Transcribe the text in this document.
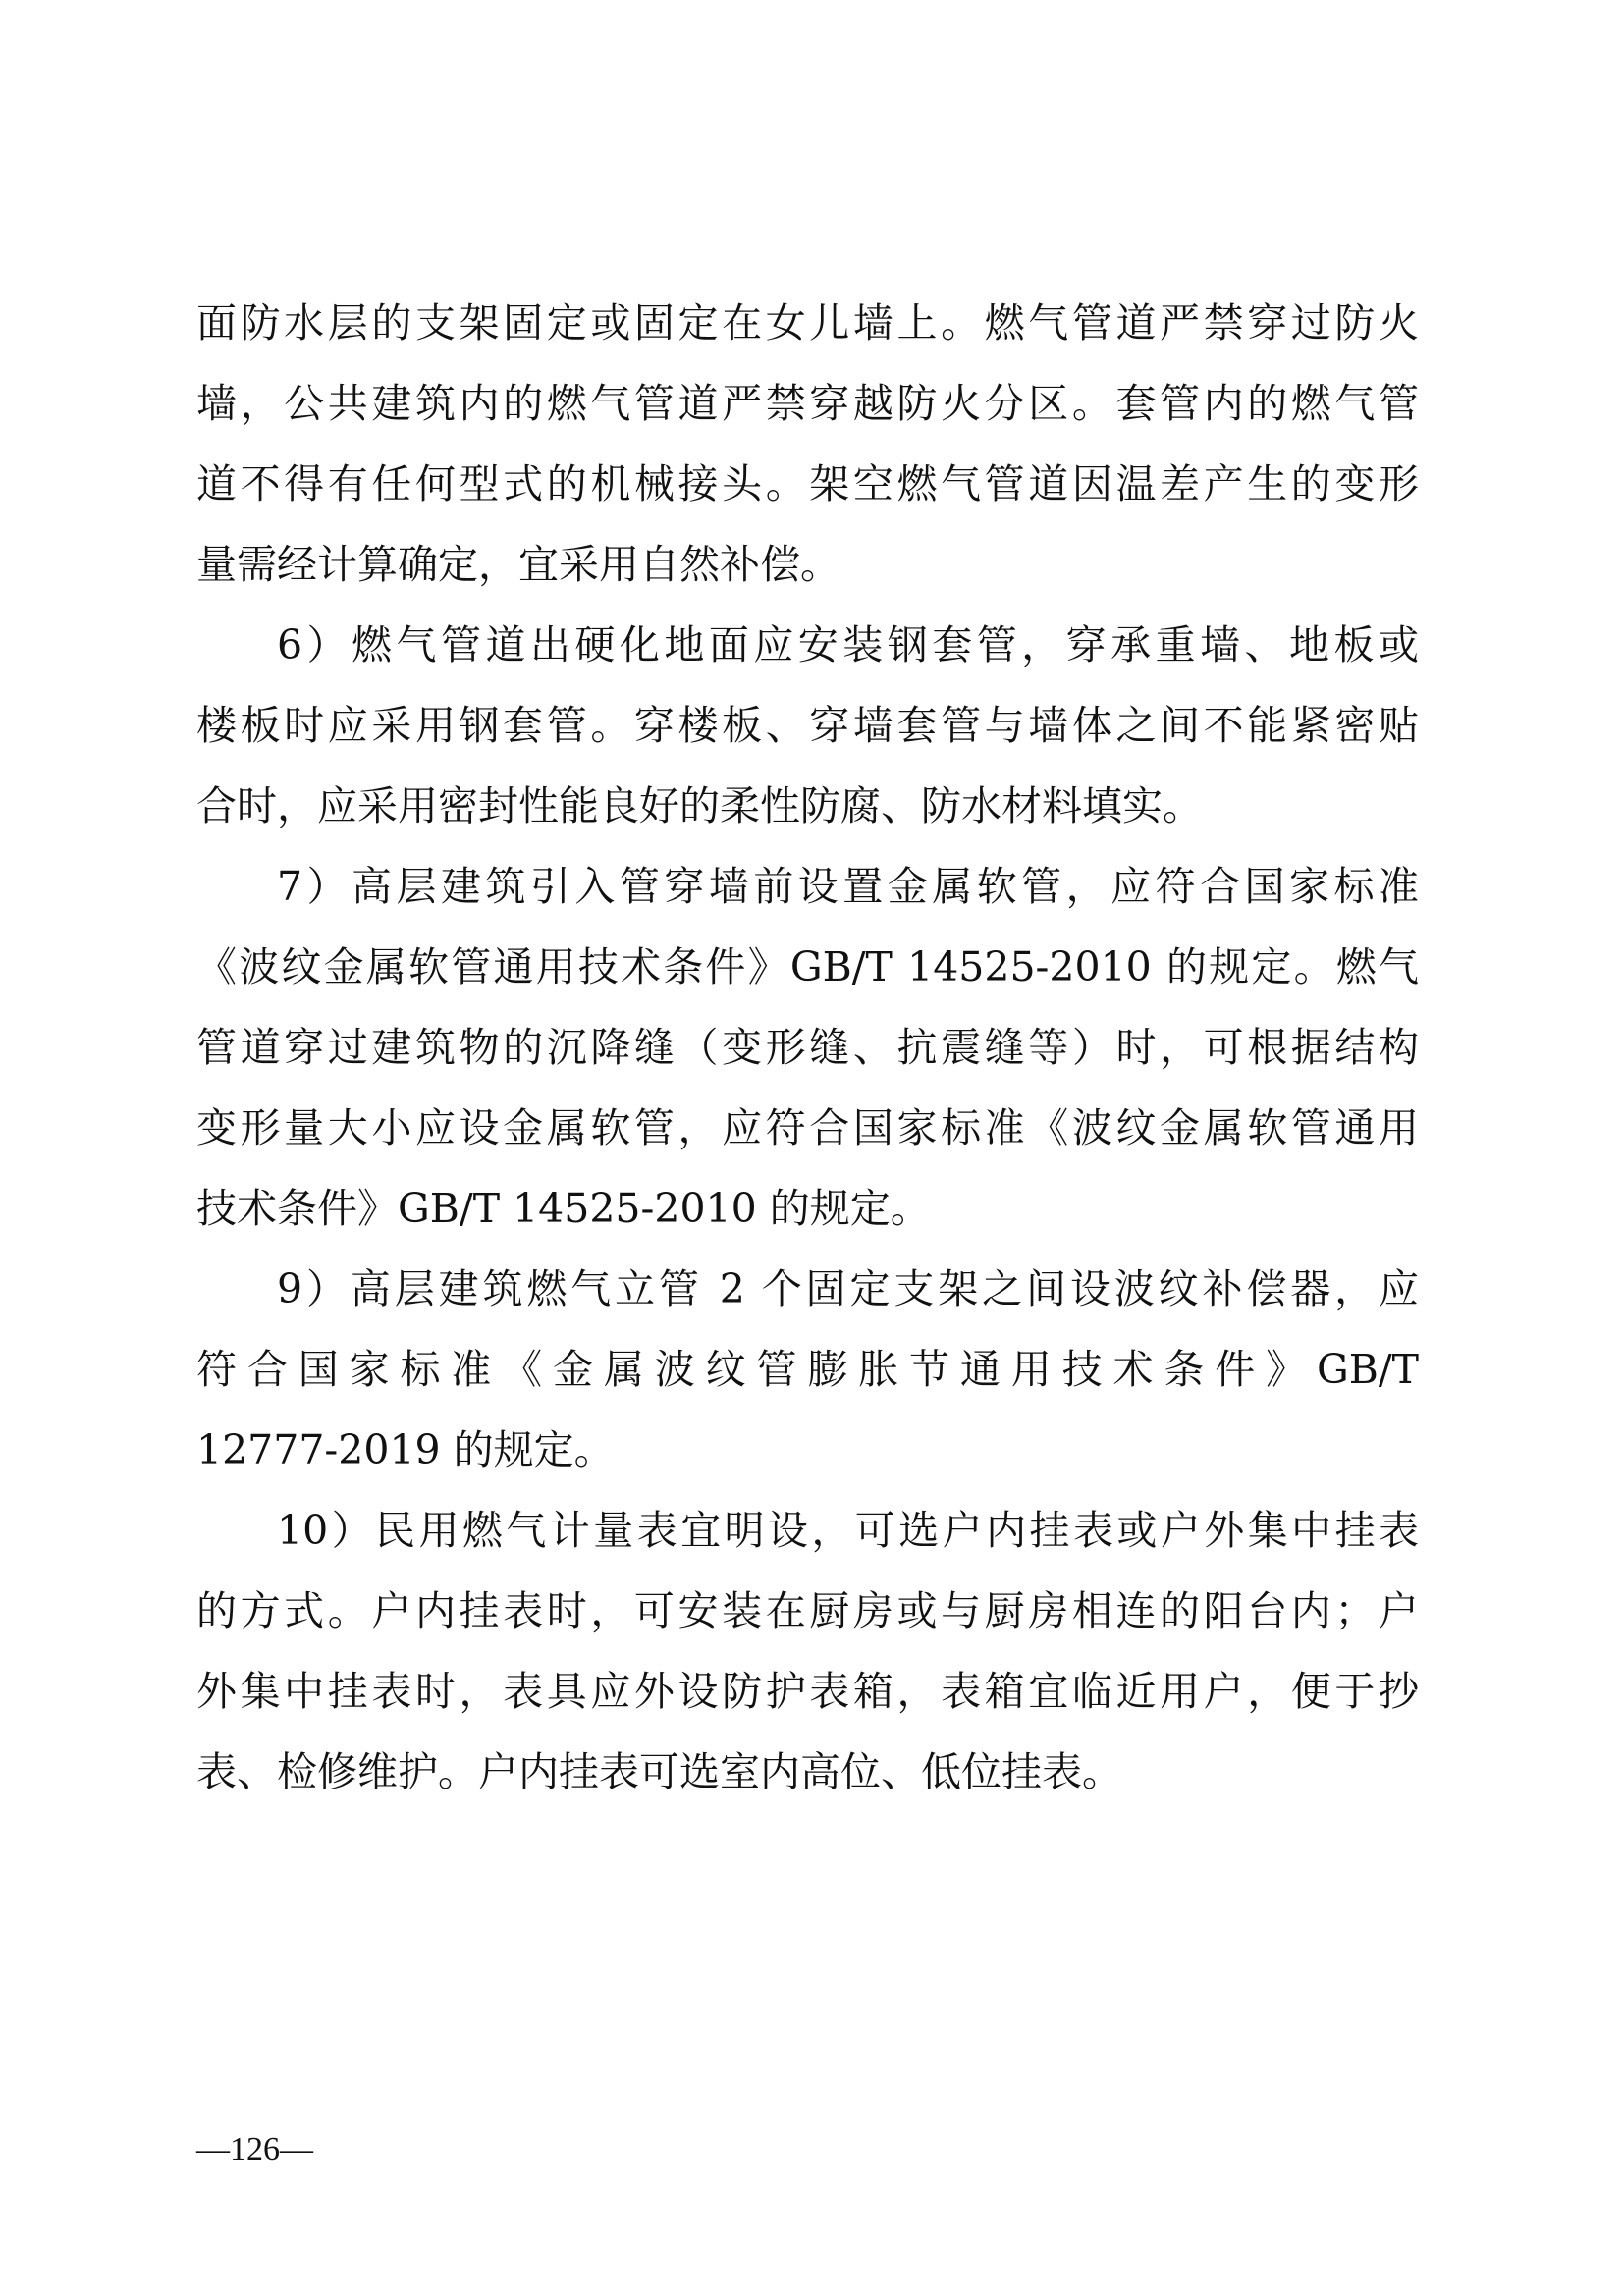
面防水层的支架固定或固定在女儿墙上。燃气管道严禁穿过防火
墙，公共建筑内的燃气管道严禁穿越防火分区。套管内的燃气管
道不得有任何型式的机械接头。架空燃气管道因温差产生的变形
量需经计算确定，宜采用自然补偿。
6）燃气管道出硬化地面应安装钢套管，穿承重墙、地板或
楼板时应采用钢套管。穿楼板、穿墙套管与墙体之间不能紧密贴
合时，应采用密封性能良好的柔性防腐、防水材料填实。
7）高层建筑引入管穿墙前设置金属软管，应符合国家标准
《波纹金属软管通用技术条件》GB/T 14525-2010 的规定。燃气
管道穿过建筑物的沉降缝（变形缝、抗震缝等）时，可根据结构
变形量大小应设金属软管，应符合国家标准《波纹金属软管通用
技术条件》GB/T 14525-2010 的规定。
9）高层建筑燃气立管 2 个固定支架之间设波纹补偿器，应
符合国家标准《金属波纹管膨胀节通用技术条件》GB/T
12777-2019 的规定。
10）民用燃气计量表宜明设，可选户内挂表或户外集中挂表
的方式。户内挂表时，可安装在厨房或与厨房相连的阳台内；户
外集中挂表时，表具应外设防护表箱，表箱宜临近用户，便于抄
表、检修维护。户内挂表可选室内高位、低位挂表。
—126—
